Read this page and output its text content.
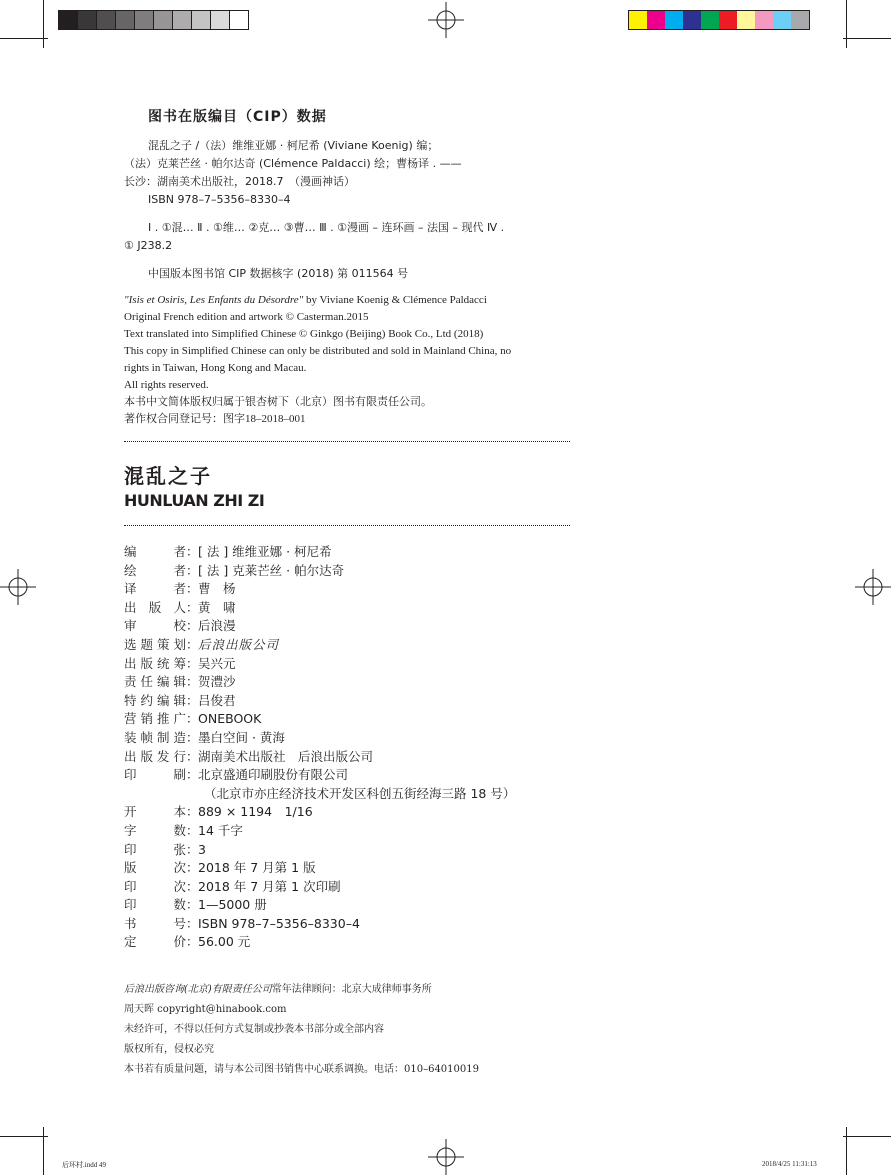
图书在版编目（CIP）数据
混乱之子 /（法）维维亚娜 · 柯尼希 (Viviane Koenig) 编；
（法）克莱芒丝 · 帕尔达奇 (Clémence Paldacci) 绘；曹杨译 . ——
长沙：湖南美术出版社，2018.7　（漫画神话）
ISBN 978–7–5356–8330–4
Ⅰ . ①混… Ⅱ . ①维… ②克… ③曹… Ⅲ . ①漫画 – 连环画 – 法国 – 现代 Ⅳ .
① J238.2
中国版本图书馆 CIP 数据核字 (2018) 第 011564 号
"Isis et Osiris, Les Enfants du Désordre" by Viviane Koenig & Clémence Paldacci
Original French edition and artwork © Casterman.2015
Text translated into Simplified Chinese © Ginkgo (Beijing) Book Co., Ltd (2018)
This copy in Simplified Chinese can only be distributed and sold in Mainland China, no
rights in Taiwan, Hong Kong and Macau.
All rights reserved.
本书中文简体版权归属于银杏树下（北京）图书有限责任公司。
著作权合同登记号：图字18–2018–001
混乱之子
HUNLUAN ZHI ZI
编　　者 ： [ 法 ] 维维亚娜 · 柯尼希
绘　　者 ： [ 法 ] 克莱芒丝 · 帕尔达奇
译　　者 ： 曹　杨
出 版 人 ： 黄　啸
审　　校 ： 后浪漫
选题策划 ： 后浪出版公司
出版统筹 ： 吴兴元
责任编辑 ： 贺澧沙
特约编辑 ： 吕俊君
营销推广 ： ONEBOOK
装帧制造 ： 墨白空间 · 黄海
出版发行 ： 湖南美术出版社　后浪出版公司
印　　刷 ： 北京盛通印刷股份有限公司
（北京市亦庄经济技术开发区科创五街经海三路 18 号）
开　　本 ： 889 × 1194　1/16
字　　数 ： 14 千字
印　　张 ： 3
版　　次 ： 2018 年 7 月第 1 版
印　　次 ： 2018 年 7 月第 1 次印刷
印　　数 ： 1—5000 册
书　　号 ： ISBN 978–7–5356–8330–4
定　　价 ： 56.00 元
后浪出版咨询(北京)有限责任公司常年法律顾问：北京大成律师事务所
周天晖 copyright@hinabook.com
未经许可，不得以任何方式复制或抄袭本书部分或全部内容
版权所有，侵权必究
本书若有质量问题，请与本公司图书销售中心联系调换。电话：010–64010019
后环村.indd 49	2018/4/25 11:31:13
